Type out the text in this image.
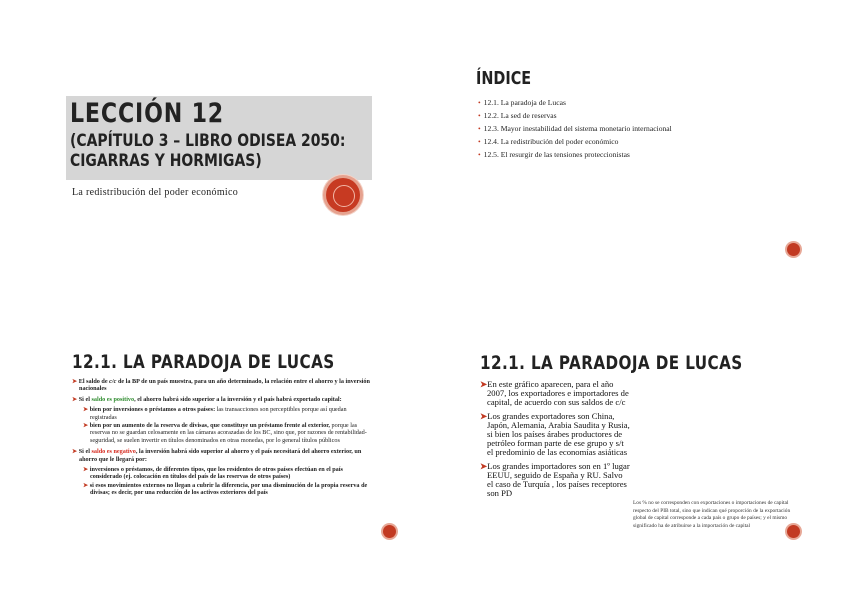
LECCIÓN 12
(CAPÍTULO 3 – LIBRO ODISEA 2050: CIGARRAS Y HORMIGAS)
La redistribución del poder económico
ÍNDICE
• 12.1. La paradoja de Lucas
• 12.2. La sed de reservas
• 12.3. Mayor inestabilidad del sistema monetario internacional
• 12.4. La redistribución del poder económico
• 12.5. El resurgir de las tensiones proteccionistas
12.1. LA PARADOJA DE LUCAS

➤ El saldo de c/c de la BP de un país muestra, para un año determinado, la relación entre el ahorro y la inversión nacionales

➤ Si el saldo es positivo, el ahorro habrá sido superior a la inversión y el país habrá exportado capital:

➤ bien por inversiones o préstamos a otros países: las transacciones son perceptibles porque así quedan registradas

➤ bien por un aumento de la reserva de divisas, que constituye un préstamo frente al exterior, porque las reservas no se guardan celosamente en las cámaras acorazadas de los BC, sino que, por razones de rentabilidad-seguridad, se suelen invertir en títulos denominados en otras monedas, por lo general títulos públicos

➤ Si el saldo es negativo, la inversión habrá sido superior al ahorro y el país necesitará del ahorro exterior, un ahorro que le llegará por:

➤ inversiones o préstamos, de diferentes tipos, que los residentes de otros países efectúan en el país considerado (ej. colocación en títulos del país de las reservas de otros países)

➤ si esos movimientos externos no llegan a cubrir la diferencia, por una disminución de la propia reserva de divisas; es decir, por una reducción de los activos exteriores del país

12.1. LA PARADOJA DE LUCAS

➤En este gráfico aparecen, para el año 2007, los exportadores e importadores de capital, de acuerdo con sus saldos de c/c

➤Los grandes exportadores son China, Japón, Alemania, Arabia Saudita y Rusia, si bien los países árabes productores de petróleo forman parte de ese grupo y s/t el predominio de las economías asiáticas

➤Los grandes importadores son en 1º lugar EEUU, seguido de España y RU. Salvo el caso de Turquía , los países receptores son PD

Los % no se corresponden con exportaciones o importaciones de capital respecto del PIB total, sino que indican qué proporción de la exportación global de capital corresponde a cada país o grupo de países; y el mismo significado ha de atribuirse a la importación de capital
